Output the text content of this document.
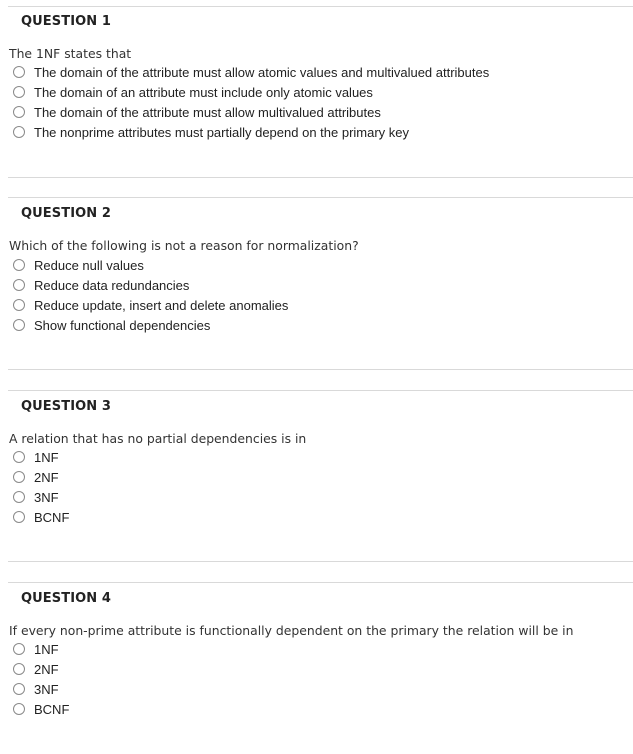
QUESTION 1
The 1NF states that
The domain of the attribute must allow atomic values and multivalued attributes
The domain of an attribute must include only atomic values
The domain of the attribute must allow multivalued attributes
The nonprime attributes must partially depend on the primary key
QUESTION 2
Which of the following is not a reason for normalization?
Reduce null values
Reduce data redundancies
Reduce update, insert and delete anomalies
Show functional dependencies
QUESTION 3
A relation that has no partial dependencies is in
1NF
2NF
3NF
BCNF
QUESTION 4
If every non-prime attribute is functionally dependent on the primary the relation will be in
1NF
2NF
3NF
BCNF
